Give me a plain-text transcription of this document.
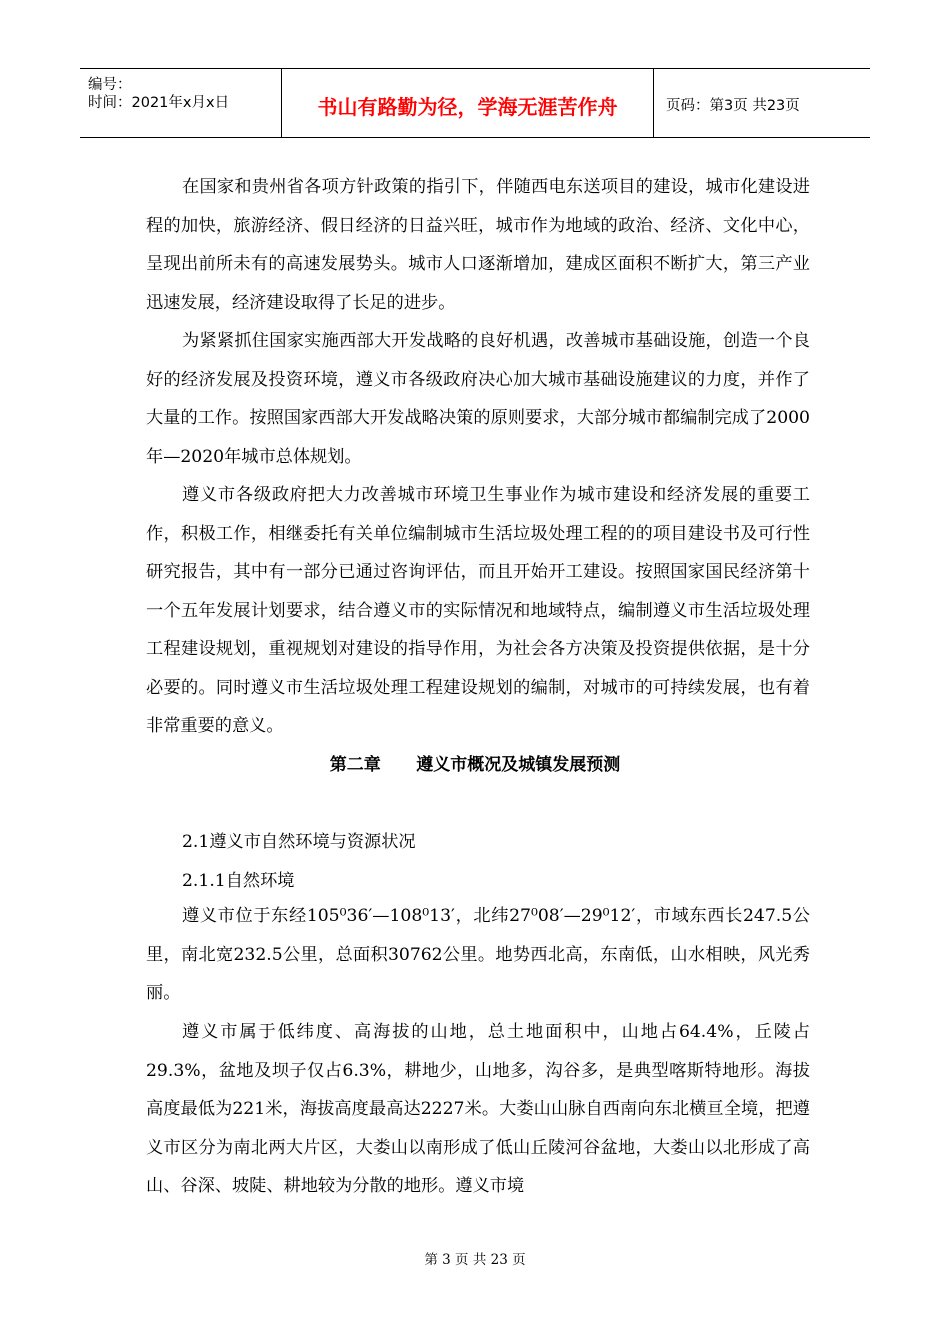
编号：
时间：2021年x月x日	书山有路勤为径，学海无涯苦作舟	页码：第3页 共23页

在国家和贵州省各项方针政策的指引下，伴随西电东送项目的建设，城市化建设进程的加快，旅游经济、假日经济的日益兴旺，城市作为地域的政治、经济、文化中心，呈现出前所未有的高速发展势头。城市人口逐渐增加，建成区面积不断扩大，第三产业迅速发展，经济建设取得了长足的进步。

为紧紧抓住国家实施西部大开发战略的良好机遇，改善城市基础设施，创造一个良好的经济发展及投资环境，遵义市各级政府决心加大城市基础设施建议的力度，并作了大量的工作。按照国家西部大开发战略决策的原则要求，大部分城市都编制完成了2000年—2020年城市总体规划。

遵义市各级政府把大力改善城市环境卫生事业作为城市建设和经济发展的重要工作，积极工作，相继委托有关单位编制城市生活垃圾处理工程的的项目建设书及可行性研究报告，其中有一部分已通过咨询评估，而且开始开工建设。按照国家国民经济第十一个五年发展计划要求，结合遵义市的实际情况和地域特点，编制遵义市生活垃圾处理工程建设规划，重视规划对建设的指导作用，为社会各方决策及投资提供依据，是十分必要的。同时遵义市生活垃圾处理工程建设规划的编制，对城市的可持续发展，也有着非常重要的意义。

第二章      遵义市概况及城镇发展预测
2.1遵义市自然环境与资源状况
2.1.1自然环境

遵义市位于东经105⁰36′—108⁰13′，北纬27⁰08′—29⁰12′，市域东西长247.5公里，南北宽232.5公里，总面积30762公里。地势西北高，东南低，山水相映，风光秀丽。

遵义市属于低纬度、高海拔的山地，总土地面积中，山地占64.4%，丘陵占29.3%，盆地及坝子仅占6.3%，耕地少，山地多，沟谷多，是典型喀斯特地形。海拔高度最低为221米，海拔高度最高达2227米。大娄山山脉自西南向东北横亘全境，把遵义市区分为南北两大片区，大娄山以南形成了低山丘陵河谷盆地，大娄山以北形成了高山、谷深、坡陡、耕地较为分散的地形。遵义市境

第 3 页 共 23 页
